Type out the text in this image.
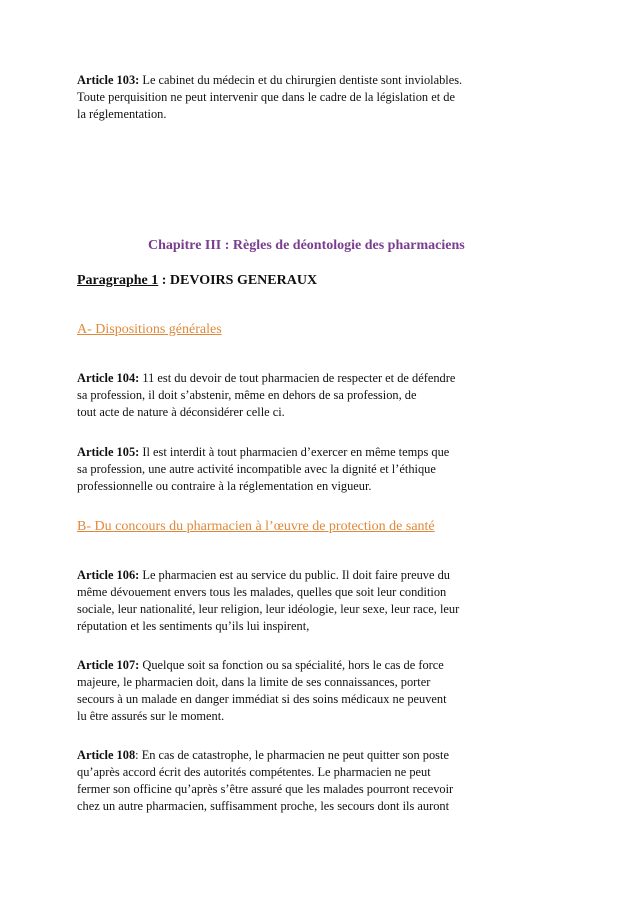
Article 103: Le cabinet du médecin et du chirurgien dentiste sont inviolables.
Toute perquisition ne peut intervenir que dans le cadre de la législation et de
la réglementation.

Chapitre III : Règles de déontologie des pharmaciens

Paragraphe 1 : DEVOIRS GENERAUX

A- Dispositions générales

Article 104: 11 est du devoir de tout pharmacien de respecter et de défendre
sa profession, il doit s’abstenir, même en dehors de sa profession, de
tout acte de nature à déconsidérer celle ci.
Article 105: Il est interdit à tout pharmacien d’exercer en même temps que
sa profession, une autre activité incompatible avec la dignité et l’éthique
professionnelle ou contraire à la réglementation en vigueur.

B- Du concours du pharmacien à l’œuvre de protection de santé

Article 106: Le pharmacien est au service du public. Il doit faire preuve du
même dévouement envers tous les malades, quelles que soit leur condition
sociale, leur nationalité, leur religion, leur idéologie, leur sexe, leur race, leur
réputation et les sentiments qu’ils lui inspirent,
Article 107: Quelque soit sa fonction ou sa spécialité, hors le cas de force
majeure, le pharmacien doit, dans la limite de ses connaissances, porter
secours à un malade en danger immédiat si des soins médicaux ne peuvent
lu être assurés sur le moment.
Article 108: En cas de catastrophe, le pharmacien ne peut quitter son poste
qu’après accord écrit des autorités compétentes. Le pharmacien ne peut
fermer son officine qu’après s’être assuré que les malades pourront recevoir
chez un autre pharmacien, suffisamment proche, les secours dont ils auront
